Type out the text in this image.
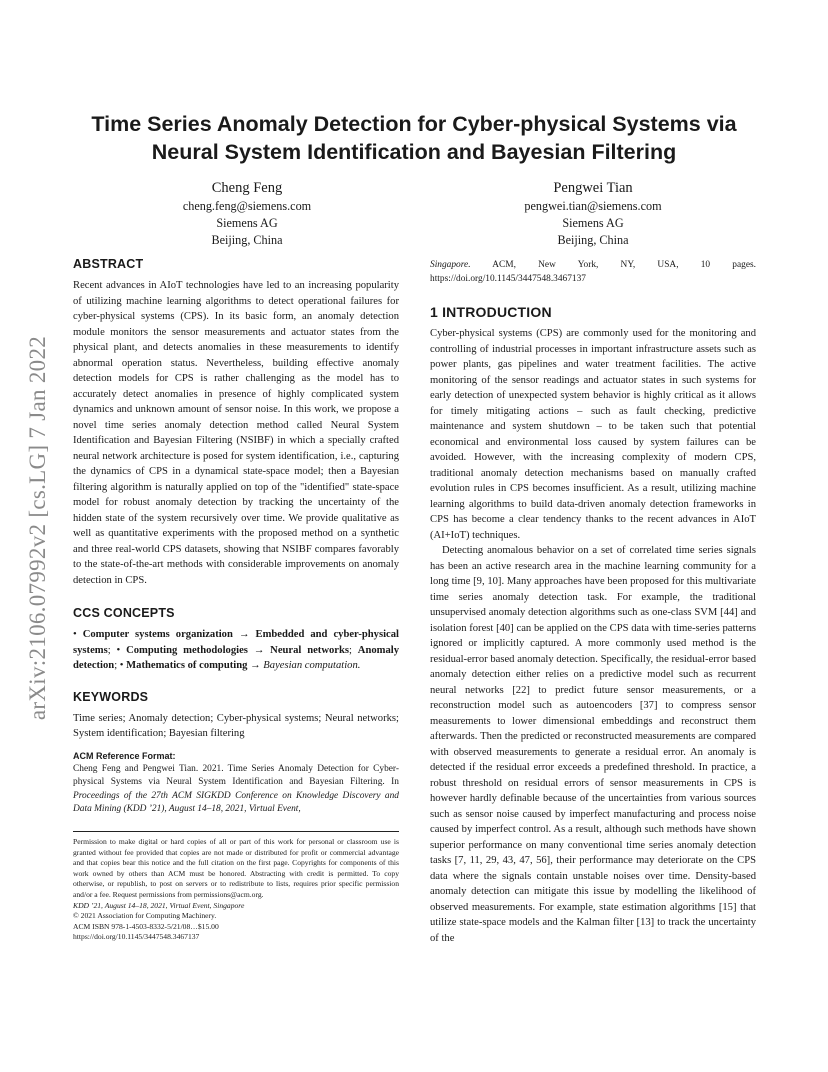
arXiv:2106.07992v2 [cs.LG] 7 Jan 2022
Time Series Anomaly Detection for Cyber-physical Systems via Neural System Identification and Bayesian Filtering
Cheng Feng
cheng.feng@siemens.com
Siemens AG
Beijing, China
Pengwei Tian
pengwei.tian@siemens.com
Siemens AG
Beijing, China
ABSTRACT

Recent advances in AIoT technologies have led to an increasing popularity of utilizing machine learning algorithms to detect operational failures for cyber-physical systems (CPS). In its basic form, an anomaly detection module monitors the sensor measurements and actuator states from the physical plant, and detects anomalies in these measurements to identify abnormal operation status. Nevertheless, building effective anomaly detection models for CPS is rather challenging as the model has to accurately detect anomalies in presence of highly complicated system dynamics and unknown amount of sensor noise. In this work, we propose a novel time series anomaly detection method called Neural System Identification and Bayesian Filtering (NSIBF) in which a specially crafted neural network architecture is posed for system identification, i.e., capturing the dynamics of CPS in a dynamical state-space model; then a Bayesian filtering algorithm is naturally applied on top of the "identified" state-space model for robust anomaly detection by tracking the uncertainty of the hidden state of the system recursively over time. We provide qualitative as well as quantitative experiments with the proposed method on a synthetic and three real-world CPS datasets, showing that NSIBF compares favorably to the state-of-the-art methods with considerable improvements on anomaly detection in CPS.

CCS CONCEPTS

• Computer systems organization → Embedded and cyber-physical systems; • Computing methodologies → Neural networks; Anomaly detection; • Mathematics of computing → Bayesian computation.

KEYWORDS

Time series; Anomaly detection; Cyber-physical systems; Neural networks; System identification; Bayesian filtering

ACM Reference Format:

Cheng Feng and Pengwei Tian. 2021. Time Series Anomaly Detection for Cyber-physical Systems via Neural System Identification and Bayesian Filtering. In Proceedings of the 27th ACM SIGKDD Conference on Knowledge Discovery and Data Mining (KDD ’21), August 14–18, 2021, Virtual Event,

Permission to make digital or hard copies of all or part of this work for personal or classroom use is granted without fee provided that copies are not made or distributed for profit or commercial advantage and that copies bear this notice and the full citation on the first page. Copyrights for components of this work owned by others than ACM must be honored. Abstracting with credit is permitted. To copy otherwise, or republish, to post on servers or to redistribute to lists, requires prior specific permission and/or a fee. Request permissions from permissions@acm.org.

KDD ’21, August 14–18, 2021, Virtual Event, Singapore

© 2021 Association for Computing Machinery.

ACM ISBN 978-1-4503-8332-5/21/08…$15.00

https://doi.org/10.1145/3447548.3467137

Singapore. ACM, New York, NY, USA, 10 pages. https://doi.org/10.1145/3447548.3467137

1 INTRODUCTION

Cyber-physical systems (CPS) are commonly used for the monitoring and controlling of industrial processes in important infrastructure assets such as power plants, gas pipelines and water treatment facilities. The active monitoring of the sensor readings and actuator states in such systems for early detection of unexpected system behavior is highly critical as it allows for timely mitigating actions – such as fault checking, predictive maintenance and system shutdown – to be taken such that potential economical and environmental loss caused by system failures can be avoided. However, with the increasing complexity of modern CPS, traditional anomaly detection mechanisms based on manually crafted evolution rules in CPS becomes insufficient. As a result, utilizing machine learning algorithms to build data-driven anomaly detection frameworks in CPS has become a clear tendency thanks to the recent advances in AIoT (AI+IoT) techniques.

Detecting anomalous behavior on a set of correlated time series signals has been an active research area in the machine learning community for a long time [9, 10]. Many approaches have been proposed for this multivariate time series anomaly detection task. For example, the traditional unsupervised anomaly detection algorithms such as one-class SVM [44] and isolation forest [40] can be applied on the CPS data with time-series patterns ignored or implicitly captured. A more commonly used method is the residual-error based anomaly detection. Specifically, the residual-error based anomaly detection either relies on a predictive model such as recurrent neural networks [22] to predict future sensor measurements, or a reconstruction model such as autoencoders [37] to compress sensor measurements to lower dimensional embeddings and reconstruct them afterwards. Then the predicted or reconstructed measurements are compared with observed measurements to generate a residual error. An anomaly is detected if the residual error exceeds a predefined threshold. In practice, a robust threshold on residual errors of sensor measurements in CPS is however hardly definable because of the uncertainties from various sources such as sensor noise caused by imperfect manufacturing and process noise caused by imperfect control. As a result, although such methods have shown superior performance on many conventional time series anomaly detection tasks [7, 11, 29, 43, 47, 56], their performance may deteriorate on the CPS data where the signals contain unstable noises over time. Density-based anomaly detection can mitigate this issue by modelling the likelihood of observed measurements. For example, state estimation algorithms [15] that utilize state-space models and the Kalman filter [13] to track the uncertainty of the
